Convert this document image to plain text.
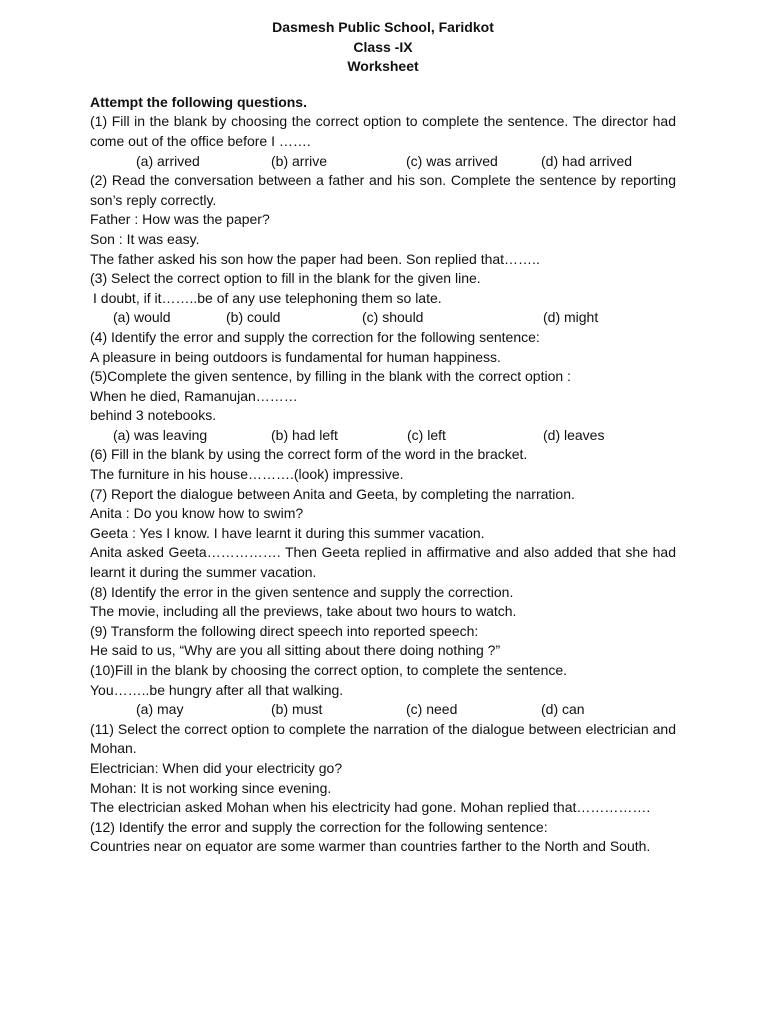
Dasmesh Public School, Faridkot
Class -IX
Worksheet
Attempt the following questions.
(1) Fill in the blank by choosing the correct option to complete the sentence. The director had come out of the office before I …….
(a) arrived	(b) arrive	(c) was arrived	(d) had arrived
(2) Read the conversation between a father and his son. Complete the sentence by reporting son’s reply correctly.
Father : How was the paper?
Son : It was easy.
The father asked his son how the paper had been. Son replied that……..
(3) Select the correct option to fill in the blank for the given line.
I doubt, if it……..be of any use telephoning them so late.
(a) would	(b) could	(c) should	(d) might
(4) Identify the error and supply the correction for the following sentence:
A pleasure in being outdoors is fundamental for human happiness.
(5)Complete the given sentence, by filling in the blank with the correct option :
When he died, Ramanujan………
behind 3 notebooks.
(a) was leaving	(b) had left	(c) left	(d) leaves
(6) Fill in the blank by using the correct form of the word in the bracket.
The furniture in his house……….(look) impressive.
(7) Report the dialogue between Anita and Geeta, by completing the narration.
Anita : Do you know how to swim?
Geeta : Yes I know. I have learnt it during this summer vacation.
Anita asked Geeta……………. Then Geeta replied in affirmative and also added that she had learnt it during the summer vacation.
(8) Identify the error in the given sentence and supply the correction.
The movie, including all the previews, take about two hours to watch.
(9) Transform the following direct speech into reported speech:
He said to us, “Why are you all sitting about there doing nothing ?”
(10)Fill in the blank by choosing the correct option, to complete the sentence.
You……..be hungry after all that walking.
(a) may	(b) must	(c) need	(d) can
(11) Select the correct option to complete the narration of the dialogue between electrician and Mohan.
Electrician: When did your electricity go?
Mohan: It is not working since evening.
The electrician asked Mohan when his electricity had gone. Mohan replied that…………….
(12) Identify the error and supply the correction for the following sentence:
Countries near on equator are some warmer than countries farther to the North and South.
